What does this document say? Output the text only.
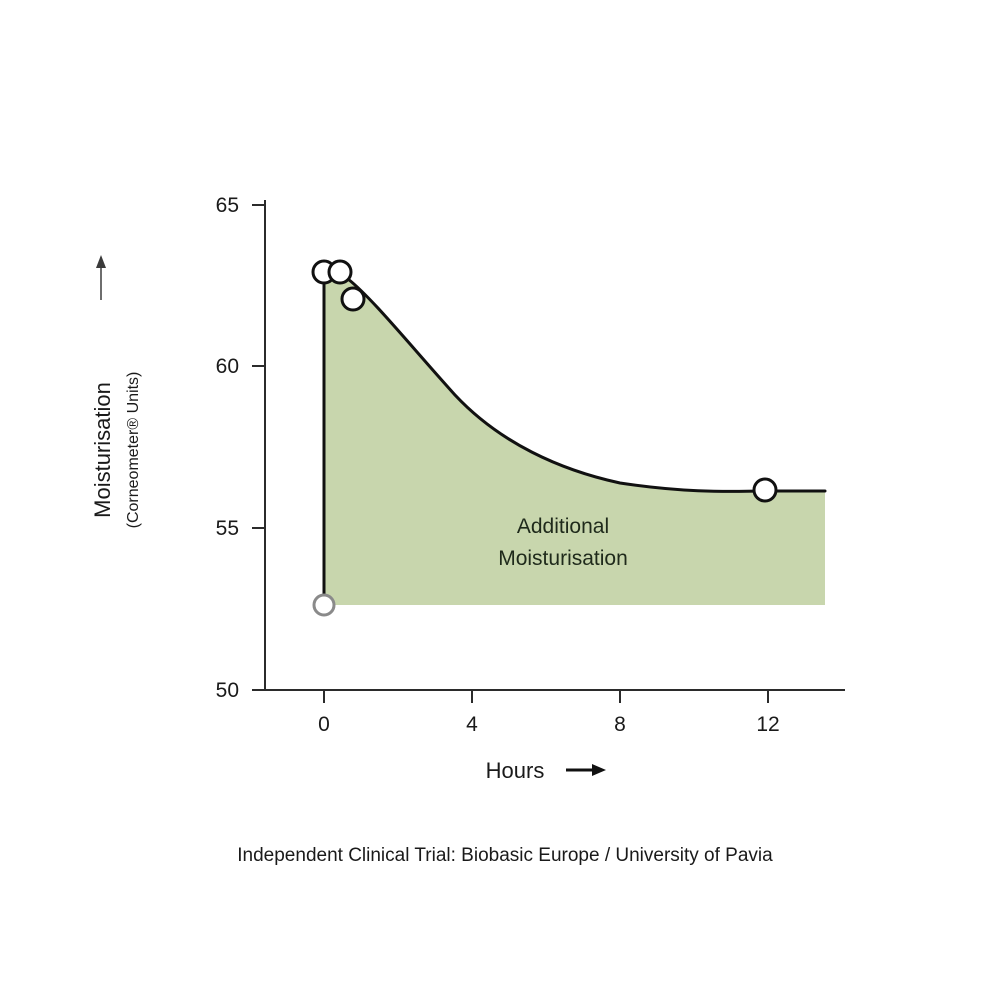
50
55
60
65
0	4	8	12
Additional
Moisturisation
Moisturisation (Corneometer® Units)
Hours
Independent Clinical Trial: Biobasic Europe / University of Pavia
